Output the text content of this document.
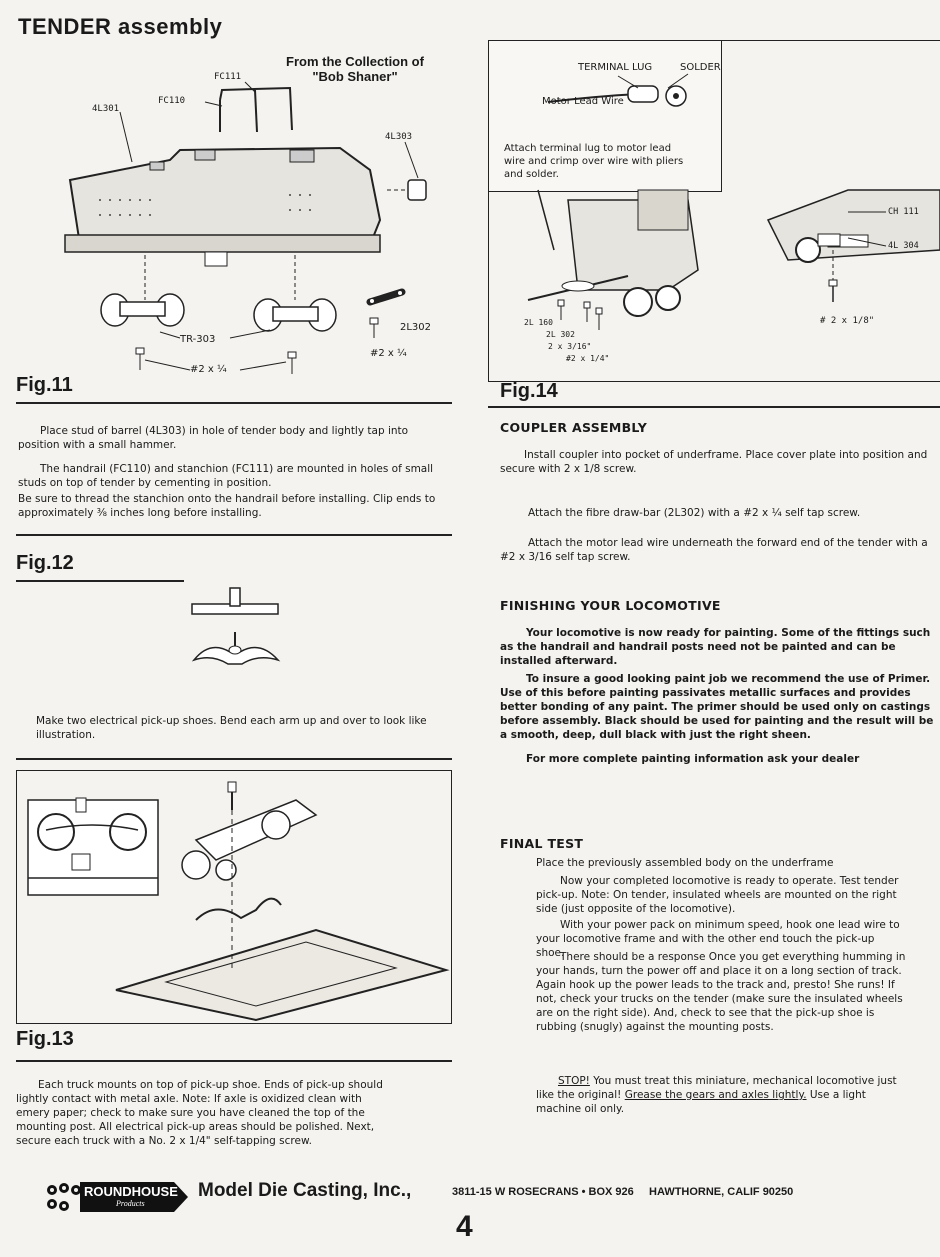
TENDER assembly
From the Collection of
"Bob Shaner"
FC111
FC110
4L301
4L303
TR-303
2L302
#2 x ¼
#2 x ¼
Fig.11
Place stud of barrel (4L303) in hole of tender body and lightly tap into position with a small hammer.
The handrail (FC110) and stanchion (FC111) are mounted in holes of small studs on top of tender by cementing in position.
Be sure to thread the stanchion onto the handrail before installing. Clip ends to approximately ⅜ inches long before installing.
Fig.12
Make two electrical pick-up shoes. Bend each arm up and over to look like illustration.
Fig.13
Each truck mounts on top of pick-up shoe. Ends of pick-up should lightly contact with metal axle. Note: If axle is oxidized clean with emery paper; check to make sure you have cleaned the top of the mounting post. All electrical pick-up areas should be polished. Next, secure each truck with a No. 2 x 1/4" self-tapping screw.
TERMINAL LUG	SOLDER
Motor Lead Wire
Attach terminal lug to motor lead wire and crimp over wire with pliers and solder.
CH 111
4L 304
# 2 x 1/8"
2L 160
2L 302
2 x 3/16"
#2 x 1/4"
Fig.14
COUPLER ASSEMBLY
Install coupler into pocket of underframe. Place cover plate into position and secure with 2 x 1/8 screw.
Attach the fibre draw-bar (2L302) with a #2 x ¼ self tap screw.
Attach the motor lead wire underneath the forward end of the tender with a #2 x 3/16 self tap screw.
FINISHING YOUR LOCOMOTIVE
Your locomotive is now ready for painting. Some of the fittings such as the handrail and handrail posts need not be painted and can be installed afterward.
To insure a good looking paint job we recommend the use of Primer. Use of this before painting passivates metallic surfaces and provides better bonding of any paint. The primer should be used only on castings before assembly. Black should be used for painting and the result will be a smooth, deep, dull black with just the right sheen.
For more complete painting information ask your dealer
FINAL TEST
Place the previously assembled body on the underframe
Now your completed locomotive is ready to operate. Test tender pick-up. Note: On tender, insulated wheels are mounted on the right side (just opposite of the locomotive).
With your power pack on minimum speed, hook one lead wire to your locomotive frame and with the other end touch the pick-up shoe.
There should be a response Once you get everything humming in your hands, turn the power off and place it on a long section of track. Again hook up the power leads to the track and, presto! She runs! If not, check your trucks on the tender (make sure the insulated wheels are on the right side). And, check to see that the pick-up shoe is rubbing (snugly) against the mounting posts.
STOP! You must treat this miniature, mechanical locomotive just like the original! Grease the gears and axles lightly. Use a light machine oil only.
ROUNDHOUSE
Products
Model Die Casting, Inc.,	3811-15 W ROSECRANS • BOX 926     HAWTHORNE, CALIF 90250
4
